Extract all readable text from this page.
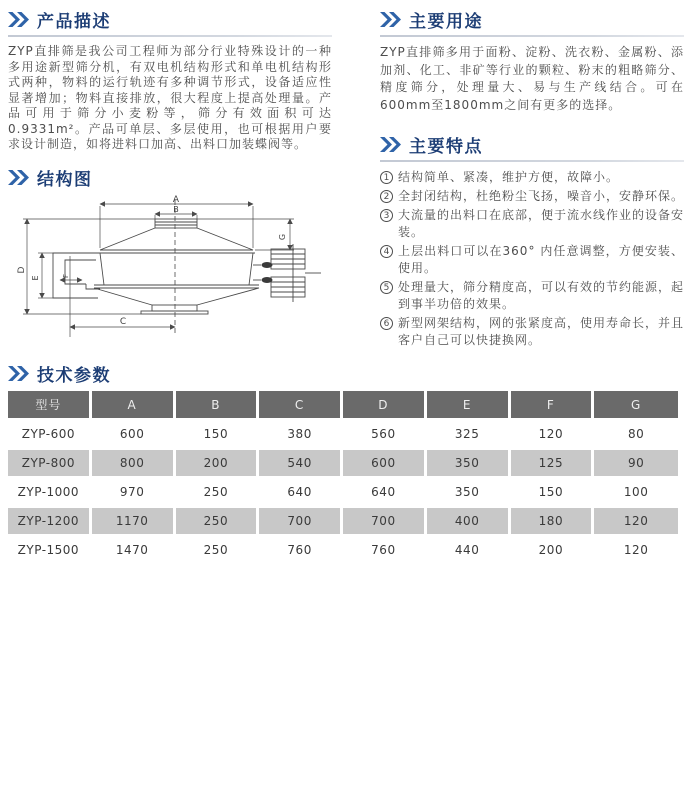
产品描述
ZYP直排筛是我公司工程师为部分行业特殊设计的一种多用途新型筛分机，有双电机结构形式和单电机结构形式两种，物料的运行轨迹有多种调节形式，设备适应性显著增加；物料直接排放，很大程度上提高处理量。产品可用于筛分小麦粉等，筛分有效面积可达0.9331m²。产品可单层、多层使用，也可根据用户要求设计制造，如将进料口加高、出料口加装蝶阀等。
结构图
A
B
C
D
E	F
G
主要用途
ZYP直排筛多用于面粉、淀粉、洗衣粉、金属粉、添加剂、化工、非矿等行业的颗粒、粉末的粗略筛分、精度筛分，处理量大、易与生产线结合。可在600mm至1800mm之间有更多的选择。
主要特点
1 结构简单、紧凑，维护方便，故障小。
2 全封闭结构，杜绝粉尘飞扬，噪音小，安静环保。
3 大流量的出料口在底部，便于流水线作业的设备安装。
4 上层出料口可以在360° 内任意调整，方便安装、使用。
5 处理量大，筛分精度高，可以有效的节约能源，起到事半功倍的效果。
6 新型网架结构，网的张紧度高，使用寿命长，并且客户自己可以快捷换网。
技术参数
型号	A	B	C	D	E	F	G
ZYP-600	600	150	380	560	325	120	80
ZYP-800	800	200	540	600	350	125	90
ZYP-1000	970	250	640	640	350	150	100
ZYP-1200	1170	250	700	700	400	180	120
ZYP-1500	1470	250	760	760	440	200	120
